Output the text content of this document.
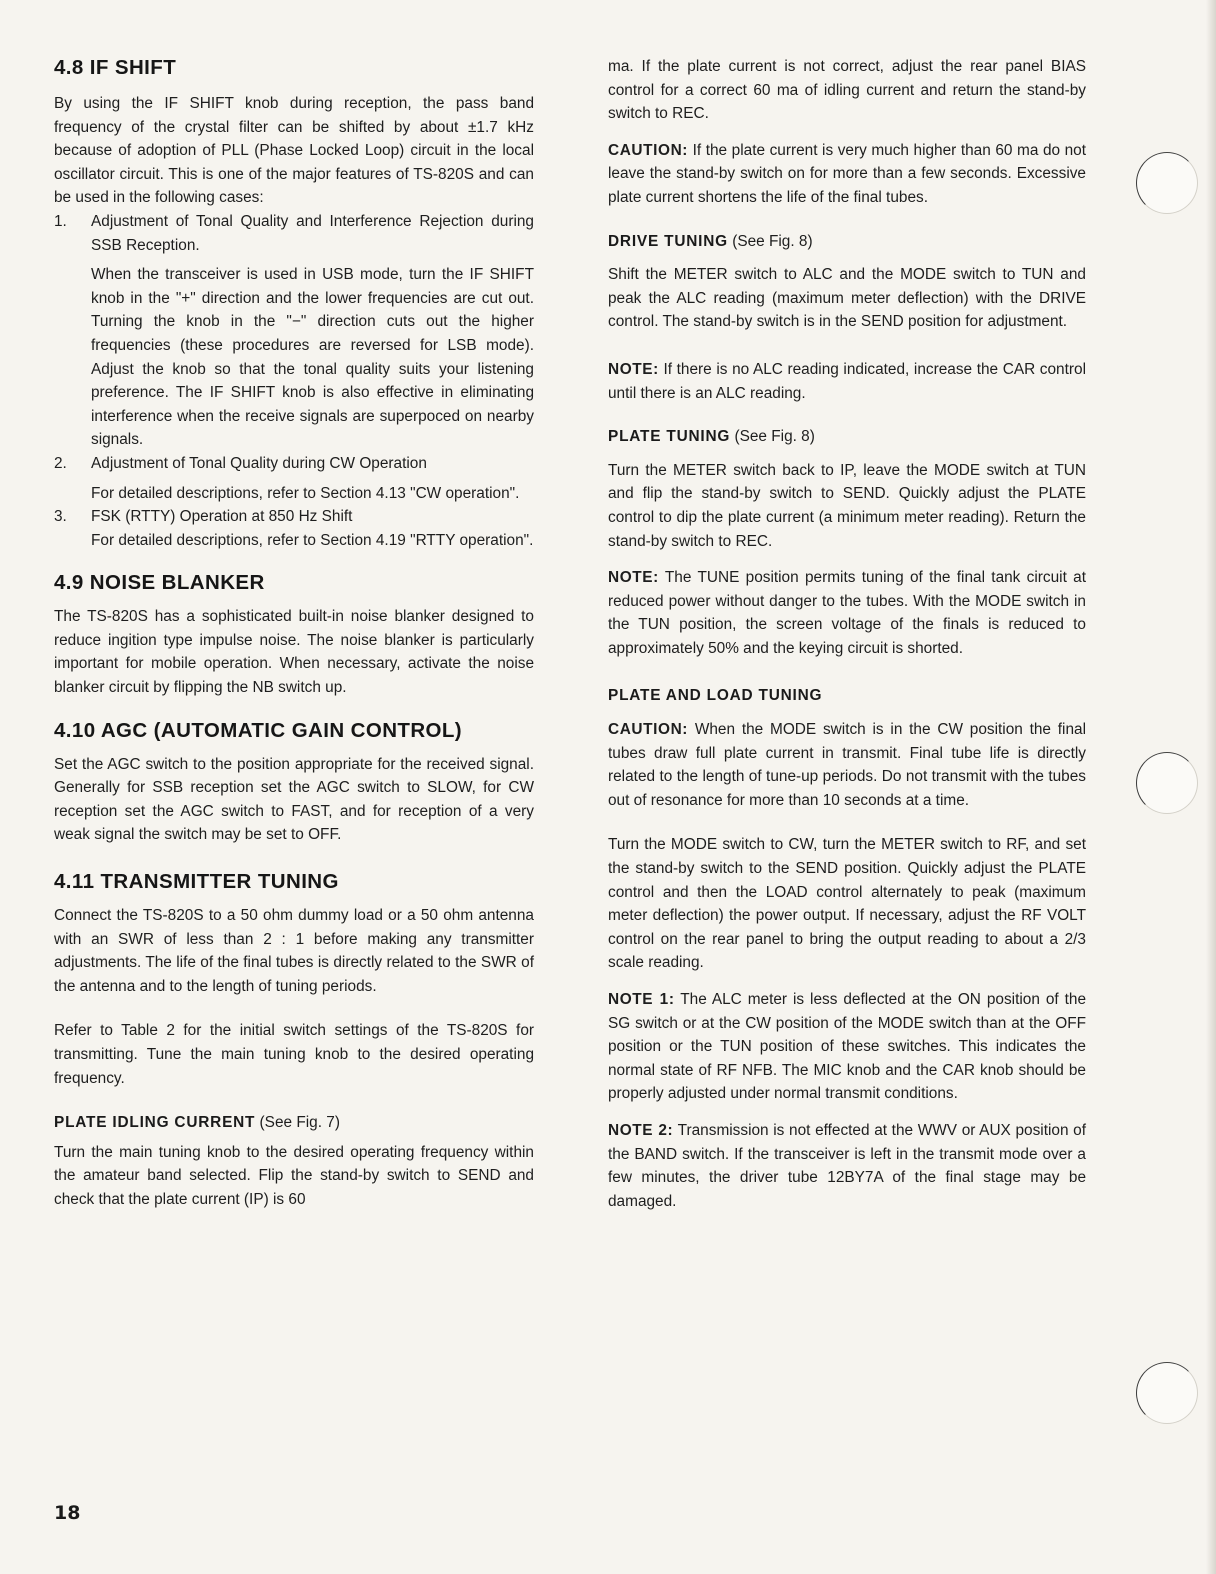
4.8 IF SHIFT

By using the IF SHIFT knob during reception, the pass band frequency of the crystal filter can be shifted by about ±1.7 kHz because of adoption of PLL (Phase Locked Loop) circuit in the local oscillator circuit. This is one of the major features of TS-820S and can be used in the following cases:

1. Adjustment of Tonal Quality and Interference Rejection during SSB Reception.

When the transceiver is used in USB mode, turn the IF SHIFT knob in the "+" direction and the lower frequencies are cut out. Turning the knob in the "−" direction cuts out the higher frequencies (these procedures are reversed for LSB mode). Adjust the knob so that the tonal quality suits your listening preference. The IF SHIFT knob is also effective in eliminating interference when the receive signals are superpoced on nearby signals.

2. Adjustment of Tonal Quality during CW Operation

For detailed descriptions, refer to Section 4.13 "CW operation".

3. FSK (RTTY) Operation at 850 Hz Shift

For detailed descriptions, refer to Section 4.19 "RTTY operation".

4.9 NOISE BLANKER

The TS-820S has a sophisticated built-in noise blanker designed to reduce ingition type impulse noise. The noise blanker is particularly important for mobile operation. When necessary, activate the noise blanker circuit by flipping the NB switch up.

4.10 AGC (AUTOMATIC GAIN CONTROL)

Set the AGC switch to the position appropriate for the received signal. Generally for SSB reception set the AGC switch to SLOW, for CW reception set the AGC switch to FAST, and for reception of a very weak signal the switch may be set to OFF.

4.11 TRANSMITTER TUNING

Connect the TS-820S to a 50 ohm dummy load or a 50 ohm antenna with an SWR of less than 2 : 1 before making any transmitter adjustments. The life of the final tubes is directly related to the SWR of the antenna and to the length of tuning periods.

Refer to Table 2 for the initial switch settings of the TS-820S for transmitting. Tune the main tuning knob to the desired operating frequency.

PLATE IDLING CURRENT (See Fig. 7)

Turn the main tuning knob to the desired operating frequency within the amateur band selected. Flip the stand-by switch to SEND and check that the plate current (IP) is 60

ma. If the plate current is not correct, adjust the rear panel BIAS control for a correct 60 ma of idling current and return the stand-by switch to REC.

CAUTION: If the plate current is very much higher than 60 ma do not leave the stand-by switch on for more than a few seconds. Excessive plate current shortens the life of the final tubes.

DRIVE TUNING (See Fig. 8)

Shift the METER switch to ALC and the MODE switch to TUN and peak the ALC reading (maximum meter deflection) with the DRIVE control. The stand-by switch is in the SEND position for adjustment.

NOTE: If there is no ALC reading indicated, increase the CAR control until there is an ALC reading.

PLATE TUNING (See Fig. 8)

Turn the METER switch back to IP, leave the MODE switch at TUN and flip the stand-by switch to SEND. Quickly adjust the PLATE control to dip the plate current (a minimum meter reading). Return the stand-by switch to REC.

NOTE: The TUNE position permits tuning of the final tank circuit at reduced power without danger to the tubes. With the MODE switch in the TUN position, the screen voltage of the finals is reduced to approximately 50% and the keying circuit is shorted.

PLATE AND LOAD TUNING

CAUTION: When the MODE switch is in the CW position the final tubes draw full plate current in transmit. Final tube life is directly related to the length of tune-up periods. Do not transmit with the tubes out of resonance for more than 10 seconds at a time.

Turn the MODE switch to CW, turn the METER switch to RF, and set the stand-by switch to the SEND position. Quickly adjust the PLATE control and then the LOAD control alternately to peak (maximum meter deflection) the power output. If necessary, adjust the RF VOLT control on the rear panel to bring the output reading to about a 2/3 scale reading.

NOTE 1: The ALC meter is less deflected at the ON position of the SG switch or at the CW position of the MODE switch than at the OFF position or the TUN position of these switches. This indicates the normal state of RF NFB. The MIC knob and the CAR knob should be properly adjusted under normal transmit conditions.

NOTE 2: Transmission is not effected at the WWV or AUX position of the BAND switch. If the transceiver is left in the transmit mode over a few minutes, the driver tube 12BY7A of the final stage may be damaged.

18
